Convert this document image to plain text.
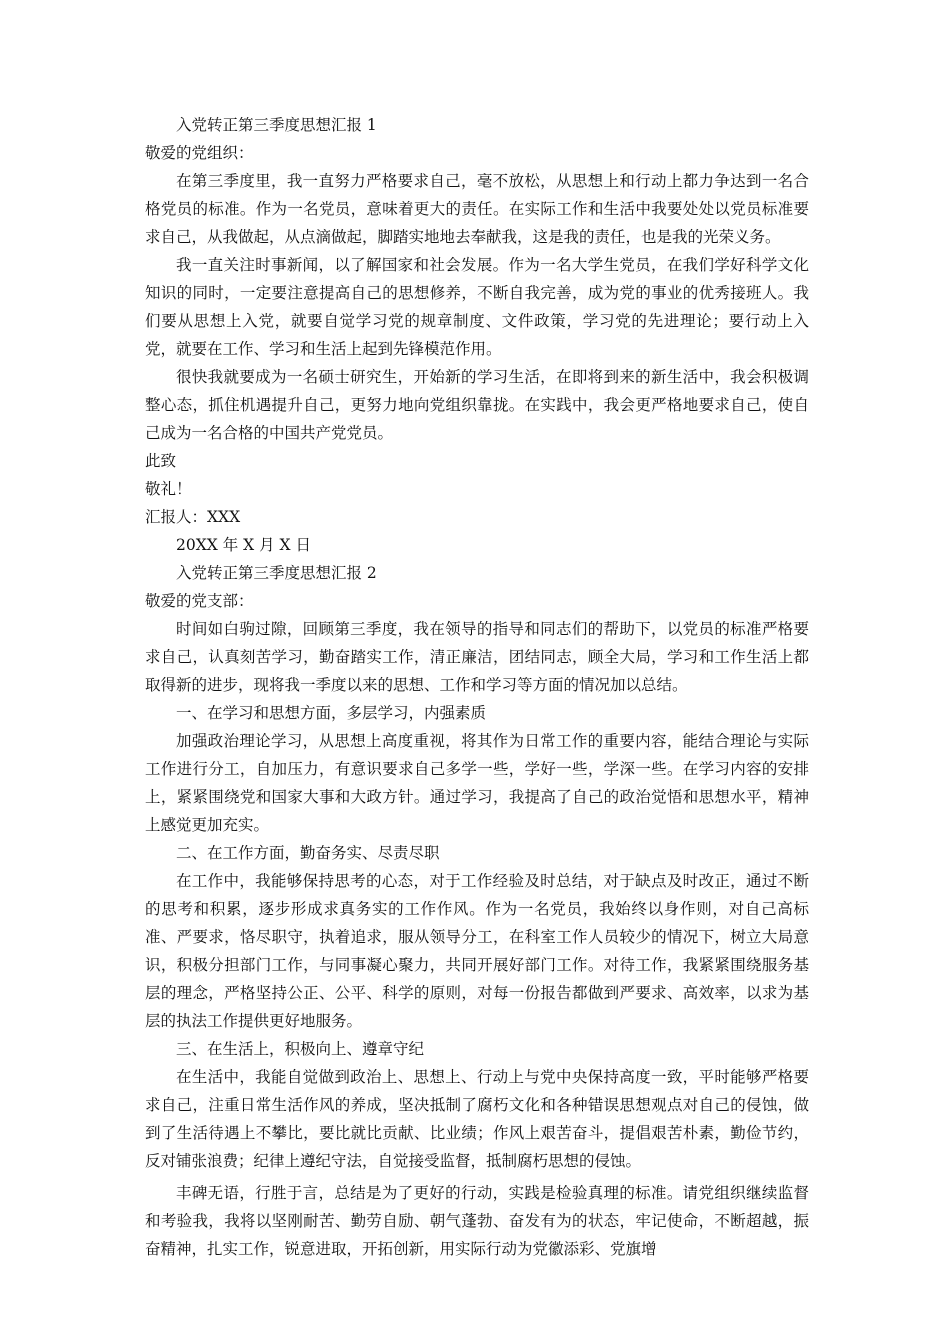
入党转正第三季度思想汇报 1

敬爱的党组织：

在第三季度里，我一直努力严格要求自己，毫不放松，从思想上和行动上都力争达到一名合格党员的标准。作为一名党员，意味着更大的责任。在实际工作和生活中我要处处以党员标准要求自己，从我做起，从点滴做起，脚踏实地地去奉献我，这是我的责任，也是我的光荣义务。

我一直关注时事新闻，以了解国家和社会发展。作为一名大学生党员，在我们学好科学文化知识的同时，一定要注意提高自己的思想修养，不断自我完善，成为党的事业的优秀接班人。我们要从思想上入党，就要自觉学习党的规章制度、文件政策，学习党的先进理论；要行动上入党，就要在工作、学习和生活上起到先锋模范作用。

很快我就要成为一名硕士研究生，开始新的学习生活，在即将到来的新生活中，我会积极调整心态，抓住机遇提升自己，更努力地向党组织靠拢。在实践中，我会更严格地要求自己，使自己成为一名合格的中国共产党党员。

此致

敬礼！

汇报人：XXX

20XX 年 X 月 X 日

入党转正第三季度思想汇报 2

敬爱的党支部：

时间如白驹过隙，回顾第三季度，我在领导的指导和同志们的帮助下，以党员的标准严格要求自己，认真刻苦学习，勤奋踏实工作，清正廉洁，团结同志，顾全大局，学习和工作生活上都取得新的进步，现将我一季度以来的思想、工作和学习等方面的情况加以总结。

一、在学习和思想方面，多层学习，内强素质

加强政治理论学习，从思想上高度重视，将其作为日常工作的重要内容，能结合理论与实际工作进行分工，自加压力，有意识要求自己多学一些，学好一些，学深一些。在学习内容的安排上，紧紧围绕党和国家大事和大政方针。通过学习，我提高了自己的政治觉悟和思想水平，精神上感觉更加充实。

二、在工作方面，勤奋务实、尽责尽职

在工作中，我能够保持思考的心态，对于工作经验及时总结，对于缺点及时改正，通过不断的思考和积累，逐步形成求真务实的工作作风。作为一名党员，我始终以身作则，对自己高标准、严要求，恪尽职守，执着追求，服从领导分工，在科室工作人员较少的情况下，树立大局意识，积极分担部门工作，与同事凝心聚力，共同开展好部门工作。对待工作，我紧紧围绕服务基层的理念，严格坚持公正、公平、科学的原则，对每一份报告都做到严要求、高效率，以求为基层的执法工作提供更好地服务。

三、在生活上，积极向上、遵章守纪

在生活中，我能自觉做到政治上、思想上、行动上与党中央保持高度一致，平时能够严格要求自己，注重日常生活作风的养成，坚决抵制了腐朽文化和各种错误思想观点对自己的侵蚀，做到了生活待遇上不攀比，要比就比贡献、比业绩；作风上艰苦奋斗，提倡艰苦朴素，勤俭节约，反对铺张浪费；纪律上遵纪守法，自觉接受监督，抵制腐朽思想的侵蚀。

丰碑无语，行胜于言，总结是为了更好的行动，实践是检验真理的标准。请党组织继续监督和考验我，我将以坚刚耐苦、勤劳自励、朝气蓬勃、奋发有为的状态，牢记使命，不断超越，振奋精神，扎实工作，锐意进取，开拓创新，用实际行动为党徽添彩、党旗增
